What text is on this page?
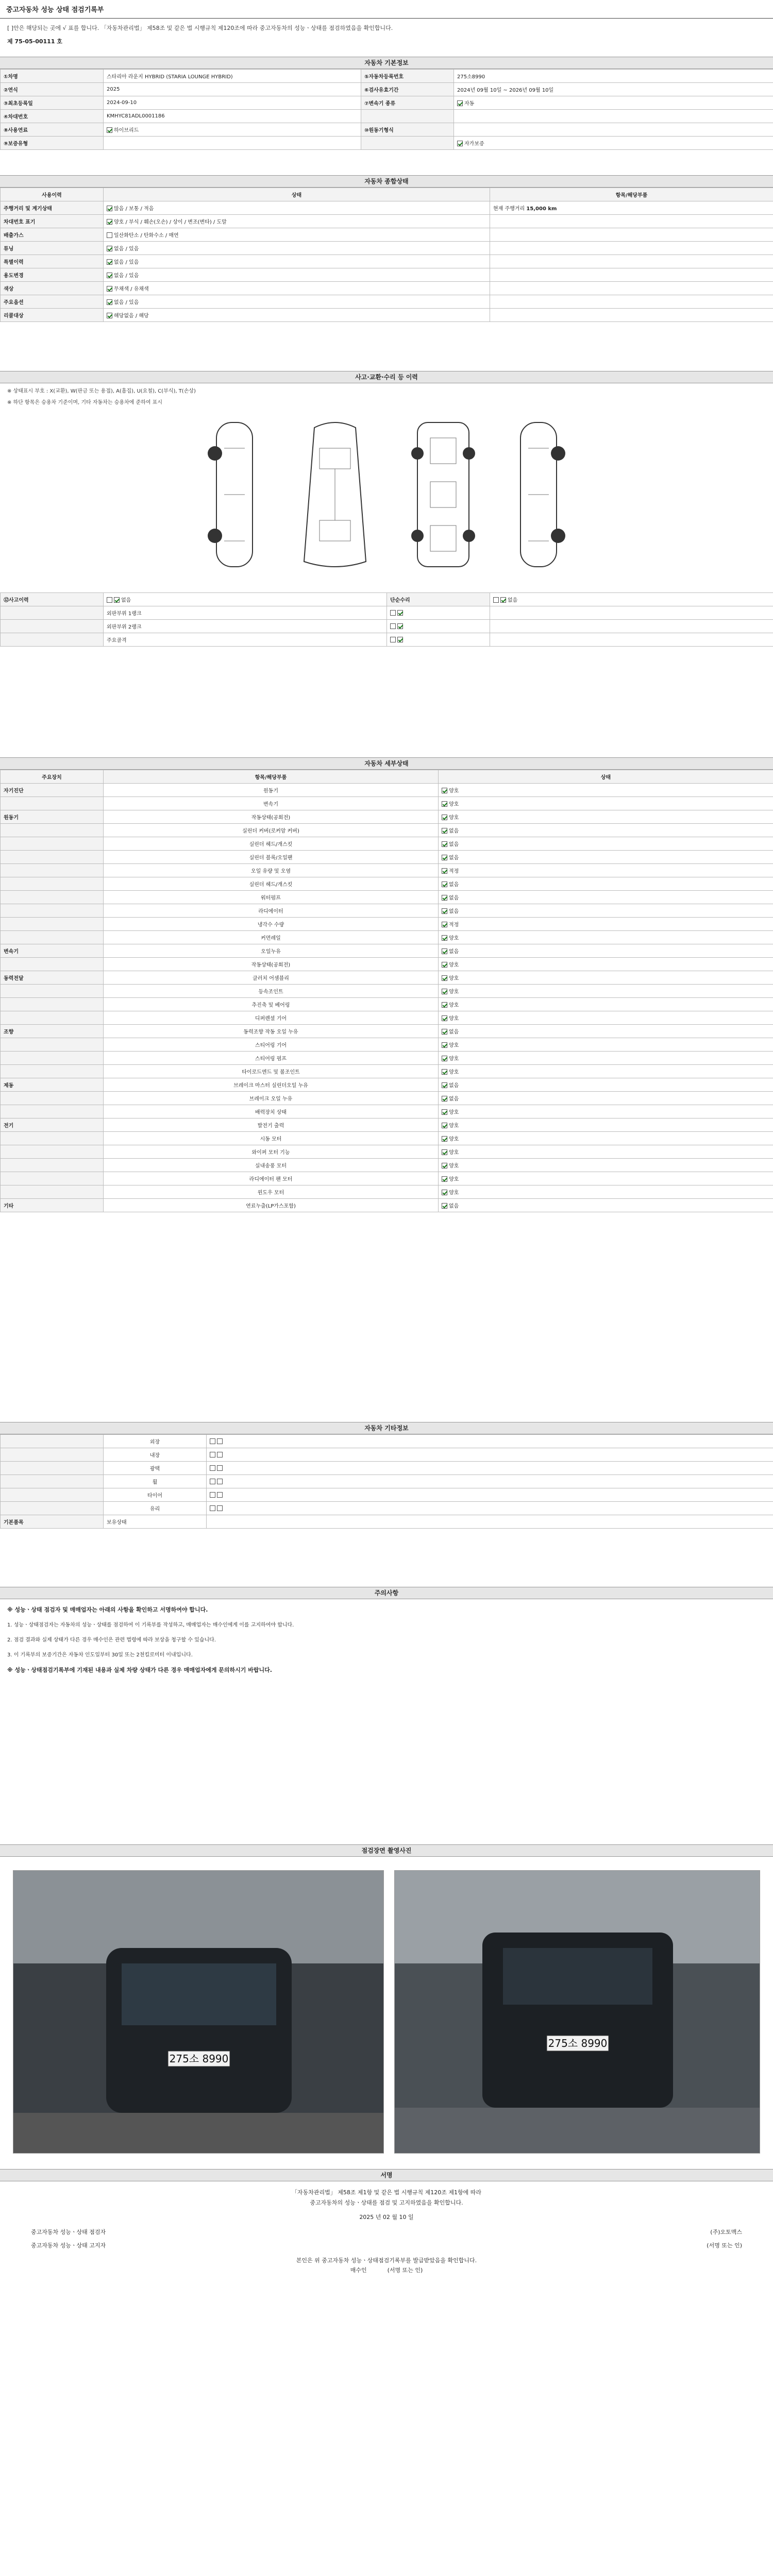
중고자동차 성능 상태 점검기록부
[ ]안은 해당되는 곳에 √ 표를 합니다. 「자동차관리법」 제58조 및 같은 법 시행규칙 제120조에 따라 중고자동차의 성능ㆍ상태를 점검하였음을 확인합니다.
제 75-05-00111 호
자동차 기본정보
①차명	스타리아 라운지 HYBRID (STARIA LOUNGE HYBRID)	⑤자동차등록번호	275소8990
②연식	2025	⑥검사유효기간	2024년 09월 10일 ~ 2026년 09월 10일
③최초등록일	2024-09-10	⑦변속기 종류	자동
④차대번호	KMHYC81ADL0001186		
⑧사용연료	하이브리드	⑩원동기형식	
⑨보증유형			자가보증
자동차 종합상태
사용이력	상태	항목/해당부품
주행거리 및 계기상태	많음 / 보통 / 적음	현재 주행거리 15,000 km
차대번호 표기	양호 / 부식 / 훼손(오손) / 상이 / 변조(변타) / 도말	
배출가스	일산화탄소 / 탄화수소 / 매연	
튜닝	없음 / 있음	
특별이력	없음 / 있음	
용도변경	없음 / 있음	
색상	무채색 / 유채색	
주요옵션	없음 / 있음	
리콜대상	해당없음 / 해당	
사고·교환·수리 등 이력
※ 상태표시 부호 : X(교환), W(판금 또는 용접), A(흠집), U(요철), C(부식), T(손상)
※ 하단 항목은 승용차 기준이며, 기타 자동차는 승용차에 준하여 표시
⑫사고이력	없음	단순수리	없음
	외판부위 1랭크		
	외판부위 2랭크		
	주요골격		
자동차 세부상태
주요장치	항목/해당부품	상태
자기진단	원동기	양호
	변속기	양호
원동기	작동상태(공회전)	양호
	실린더 커버(로커암 커버)	없음
	실린더 헤드/개스킷	없음
	실린더 블록/오일팬	없음
	오일 유량 및 오염	적정
	실린더 헤드/개스킷	없음
	워터펌프	없음
	라디에이터	없음
	냉각수 수량	적정
	커먼레일	양호
변속기	오일누유	없음
	작동상태(공회전)	양호
동력전달	클러치 어셈블리	양호
	등속조인트	양호
	추진축 및 베어링	양호
	디퍼렌셜 기어	양호
조향	동력조향 작동 오일 누유	없음
	스티어링 기어	양호
	스티어링 펌프	양호
	타이로드엔드 및 볼조인트	양호
제동	브레이크 마스터 실린더오일 누유	없음
	브레이크 오일 누유	없음
	배력장치 상태	양호
전기	발전기 출력	양호
	시동 모터	양호
	와이퍼 모터 기능	양호
	실내송풍 모터	양호
	라디에이터 팬 모터	양호
	윈도우 모터	양호
기타	연료누출(LP가스포함)	없음
자동차 기타정보
	외장	
	내장	
	광택	
	휠	
	타이어	
	유리	
기본품목	보유상태	
주의사항
※ 성능ㆍ상태 점검자 및 매매업자는 아래의 사항을 확인하고 서명하여야 합니다.
1. 성능ㆍ상태점검자는 자동차의 성능ㆍ상태를 점검하여 이 기록부를 작성하고, 매매업자는 매수인에게 이를 고지하여야 합니다.
2. 점검 결과와 실제 상태가 다른 경우 매수인은 관련 법령에 따라 보상을 청구할 수 있습니다.
3. 이 기록부의 보증기간은 자동차 인도일부터 30일 또는 2천킬로미터 이내입니다.
※ 성능ㆍ상태점검기록부에 기재된 내용과 실제 차량 상태가 다른 경우 매매업자에게 문의하시기 바랍니다.
점검장면 촬영사진
275소 8990
275소 8990
서명
「자동차관리법」 제58조 제1항 및 같은 법 시행규칙 제120조 제1항에 따라
중고자동차의 성능ㆍ상태를 점검 및 고지하였음을 확인합니다.
2025 년 02 월 10 일
중고자동차 성능ㆍ상태 점검자	(주)오토맥스
중고자동차 성능ㆍ상태 고지자	(서명 또는 인)
본인은 위 중고자동차 성능ㆍ상태점검기록부를 발급받았음을 확인합니다.
매수인	(서명 또는 인)
